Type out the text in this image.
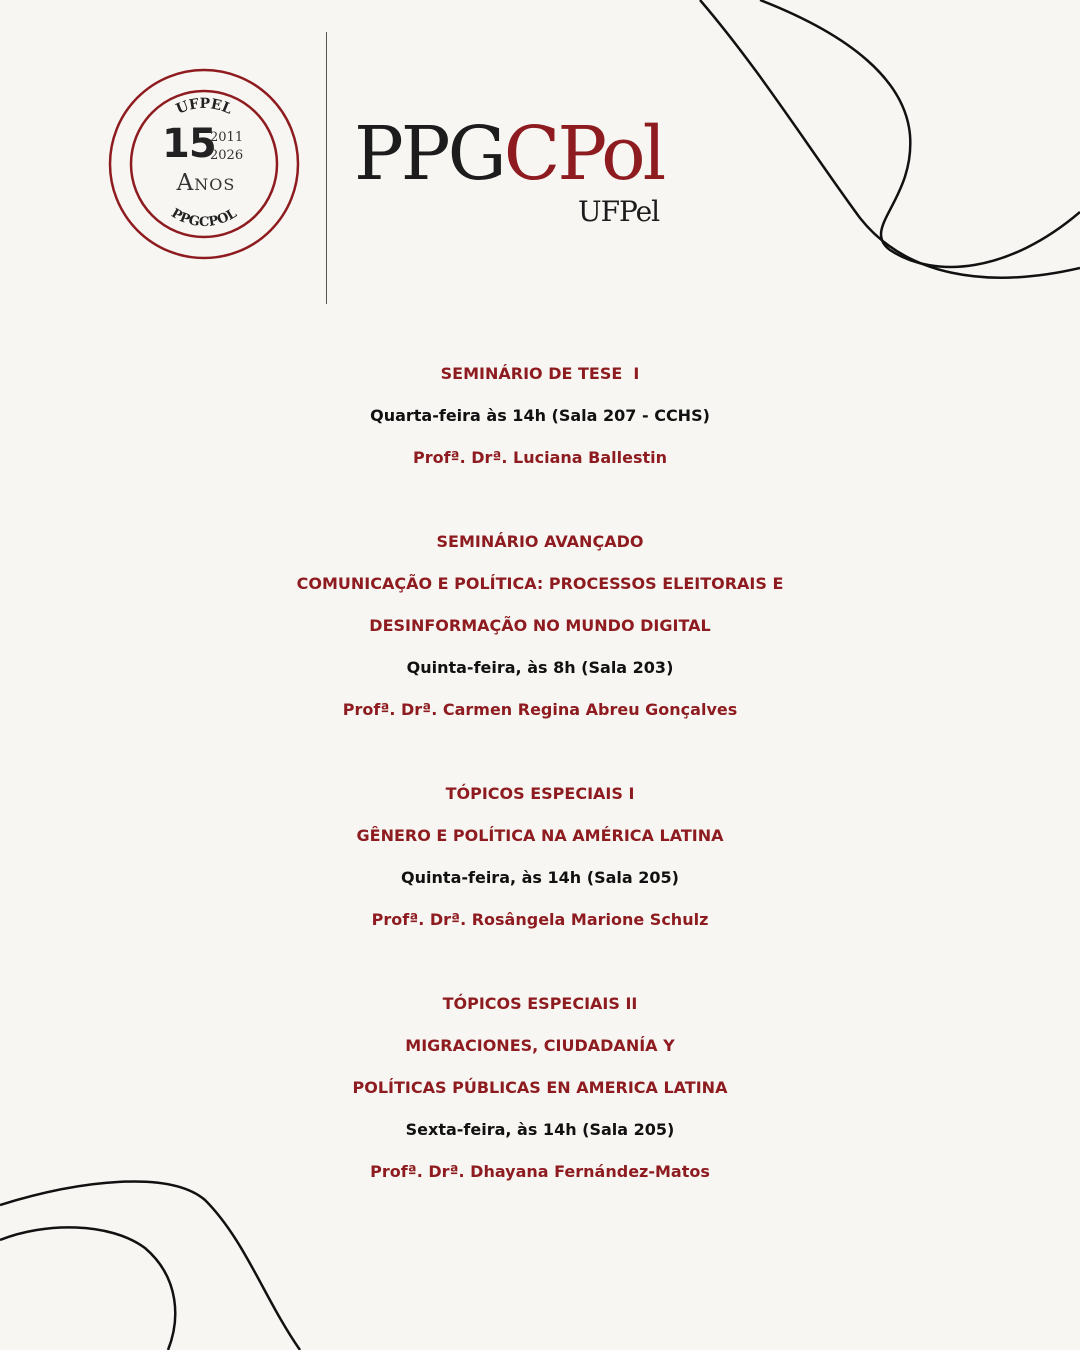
UFPEL
PPGCPOL
15
2011
2026
Anos PPGCPol
UFPel
SEMINÁRIO DE TESE  I
Quarta-feira às 14h (Sala 207 - CCHS)
Profª. Drª. Luciana Ballestin
SEMINÁRIO AVANÇADO
COMUNICAÇÃO E POLÍTICA: PROCESSOS ELEITORAIS E
DESINFORMAÇÃO NO MUNDO DIGITAL
Quinta-feira, às 8h (Sala 203)
Profª. Drª. Carmen Regina Abreu Gonçalves
TÓPICOS ESPECIAIS I
GÊNERO E POLÍTICA NA AMÉRICA LATINA
Quinta-feira, às 14h (Sala 205)
Profª. Drª. Rosângela Marione Schulz
TÓPICOS ESPECIAIS II
MIGRACIONES, CIUDADANÍA Y
POLÍTICAS PÚBLICAS EN AMERICA LATINA
Sexta-feira, às 14h (Sala 205)
Profª. Drª. Dhayana Fernández-Matos
